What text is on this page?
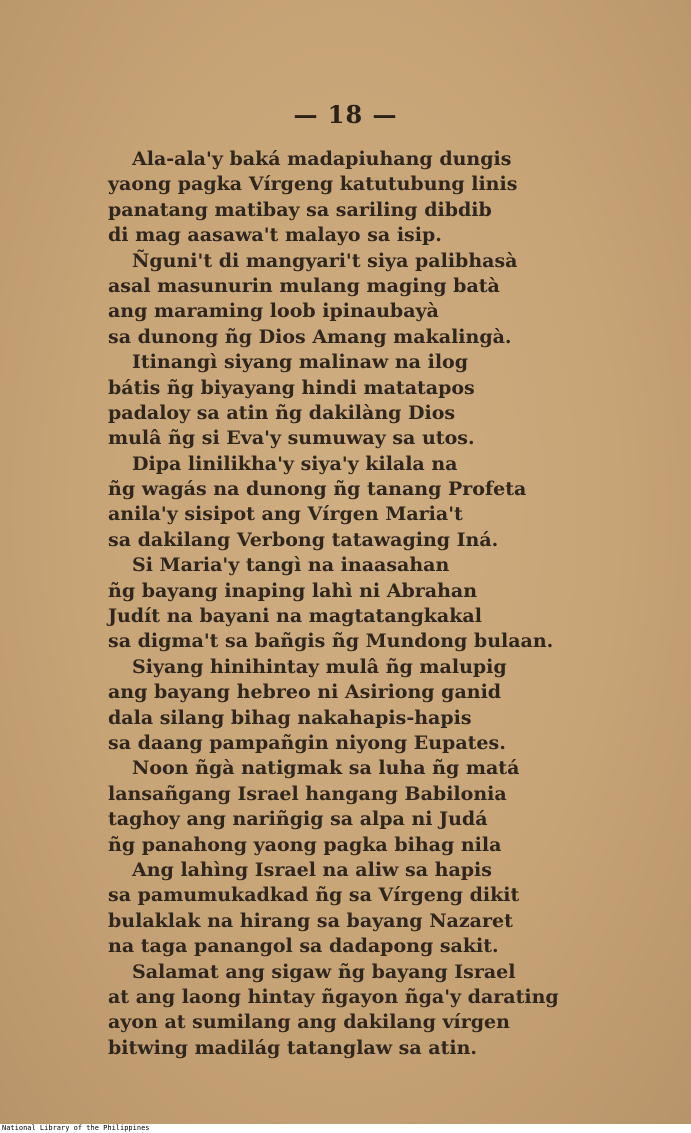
— 18 —
Ala-ala'y baká madapiuhang dungis
yaong pagka Vírgeng katutubung linis
panatang matibay sa sariling dibdib
di mag aasawa't malayo sa isip.
Ñguni't di mangyari't siya palibhasà
asal masunurin mulang maging batà
ang maraming loob ipinaubayà
sa dunong ñg Dios Amang makalingà.
Itinangì siyang malinaw na ilog
bátis ñg biyayang hindi matatapos
padaloy sa atin ñg dakilàng Dios
mulâ ñg si Eva'y sumuway sa utos.
Dipa linilikha'y siya'y kilala na
ñg wagás na dunong ñg tanang Profeta
anila'y sisipot ang Vírgen Maria't
sa dakilang Verbong tatawaging Iná.
Si Maria'y tangì na inaasahan
ñg bayang inaping lahì ni Abrahan
Judít na bayani na magtatangkakal
sa digma't sa bañgis ñg Mundong bulaan.
Siyang hinihintay mulâ ñg malupig
ang bayang hebreo ni Asiriong ganid
dala silang bihag nakahapis-hapis
sa daang pampañgin niyong Eupates.
Noon ñgà natigmak sa luha ñg matá
lansañgang Israel hangang Babilonia
taghoy ang nariñgig sa alpa ni Judá
ñg panahong yaong pagka bihag nila
Ang lahìng Israel na aliw sa hapis
sa pamumukadkad ñg sa Vírgeng dikit
bulaklak na hirang sa bayang Nazaret
na taga panangol sa dadapong sakit.
Salamat ang sigaw ñg bayang Israel
at ang laong hintay ñgayon ñga'y darating
ayon at sumilang ang dakilang vírgen
bitwing madilág tatanglaw sa atin.
National Library of the Philippines
